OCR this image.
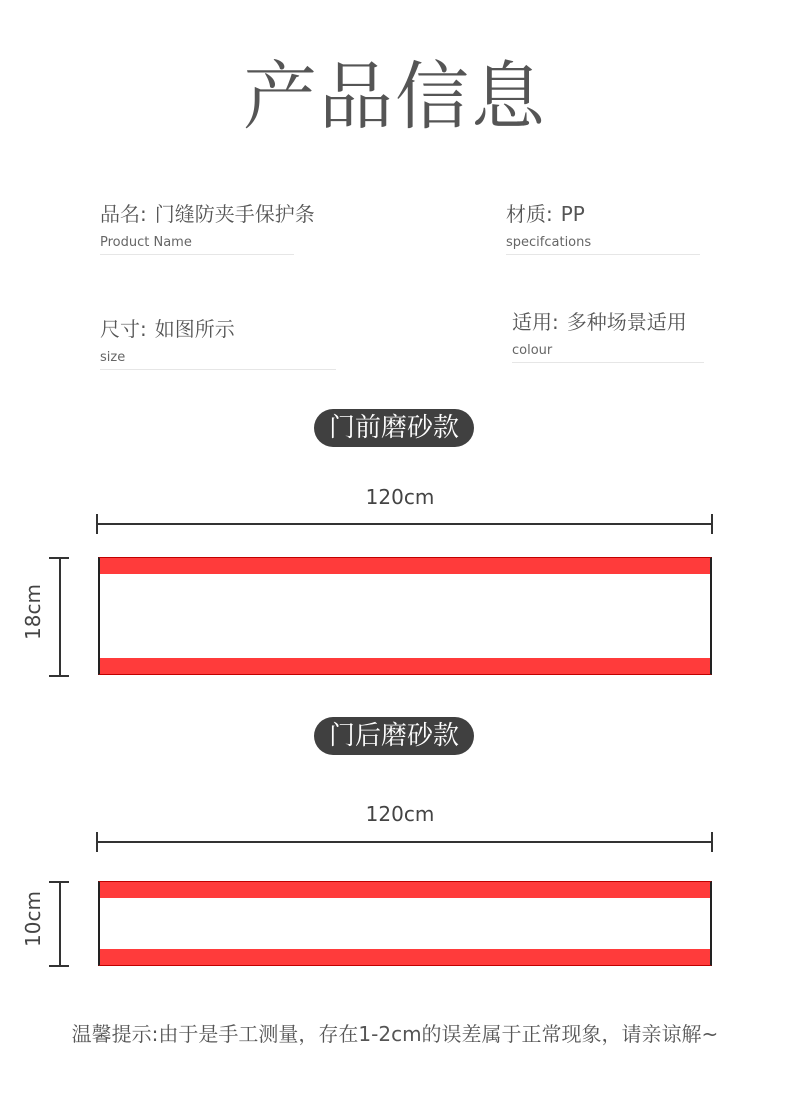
产品信息
品名: 门缝防夹手保护条
Product Name
材质: PP
specifcations
尺寸: 如图所示
size
适用: 多种场景适用
colour
门前磨砂款
120cm
18cm
门后磨砂款
120cm
10cm
温馨提示:由于是手工测量，存在1-2cm的误差属于正常现象，请亲谅解~
